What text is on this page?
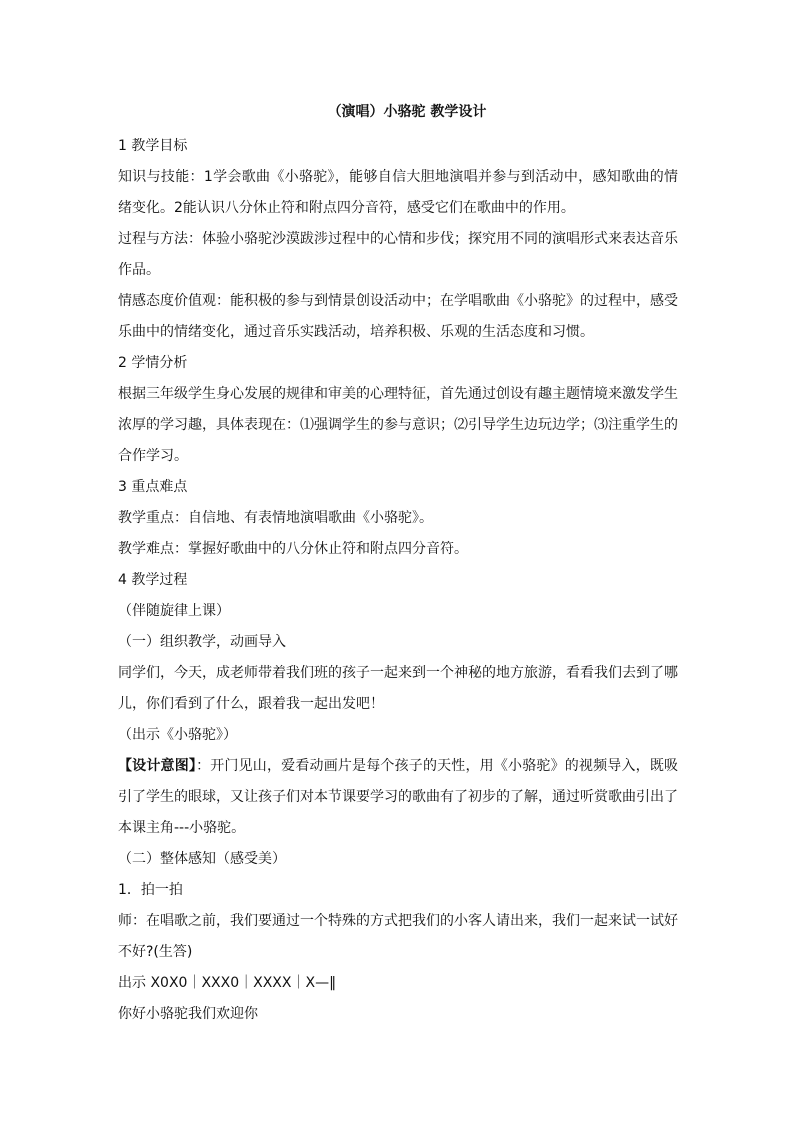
（演唱）小骆驼 教学设计

1 教学目标

知识与技能：1学会歌曲《小骆驼》，能够自信大胆地演唱并参与到活动中，感知歌曲的情绪变化。2能认识八分休止符和附点四分音符，感受它们在歌曲中的作用。

过程与方法：体验小骆驼沙漠跋涉过程中的心情和步伐；探究用不同的演唱形式来表达音乐作品。

情感态度价值观：能积极的参与到情景创设活动中；在学唱歌曲《小骆驼》的过程中，感受乐曲中的情绪变化，通过音乐实践活动，培养积极、乐观的生活态度和习惯。

2 学情分析

根据三年级学生身心发展的规律和审美的心理特征，首先通过创设有趣主题情境来激发学生浓厚的学习趣，具体表现在：⑴强调学生的参与意识；⑵引导学生边玩边学；⑶注重学生的合作学习。

3 重点难点

教学重点：自信地、有表情地演唱歌曲《小骆驼》。

教学难点：掌握好歌曲中的八分休止符和附点四分音符。

4 教学过程

（伴随旋律上课）

（一）组织教学，动画导入

同学们，今天，成老师带着我们班的孩子一起来到一个神秘的地方旅游，看看我们去到了哪儿，你们看到了什么，跟着我一起出发吧！

（出示《小骆驼》）

【设计意图】：开门见山，爱看动画片是每个孩子的天性，用《小骆驼》的视频导入，既吸引了学生的眼球，又让孩子们对本节课要学习的歌曲有了初步的了解，通过听赏歌曲引出了本课主角---小骆驼。

（二）整体感知（感受美）

1．拍一拍

师：在唱歌之前，我们要通过一个特殊的方式把我们的小客人请出来，我们一起来试一试好不好?(生答)

出示 X0X0｜XXX0｜XXXX｜X—‖

你好小骆驼我们欢迎你
